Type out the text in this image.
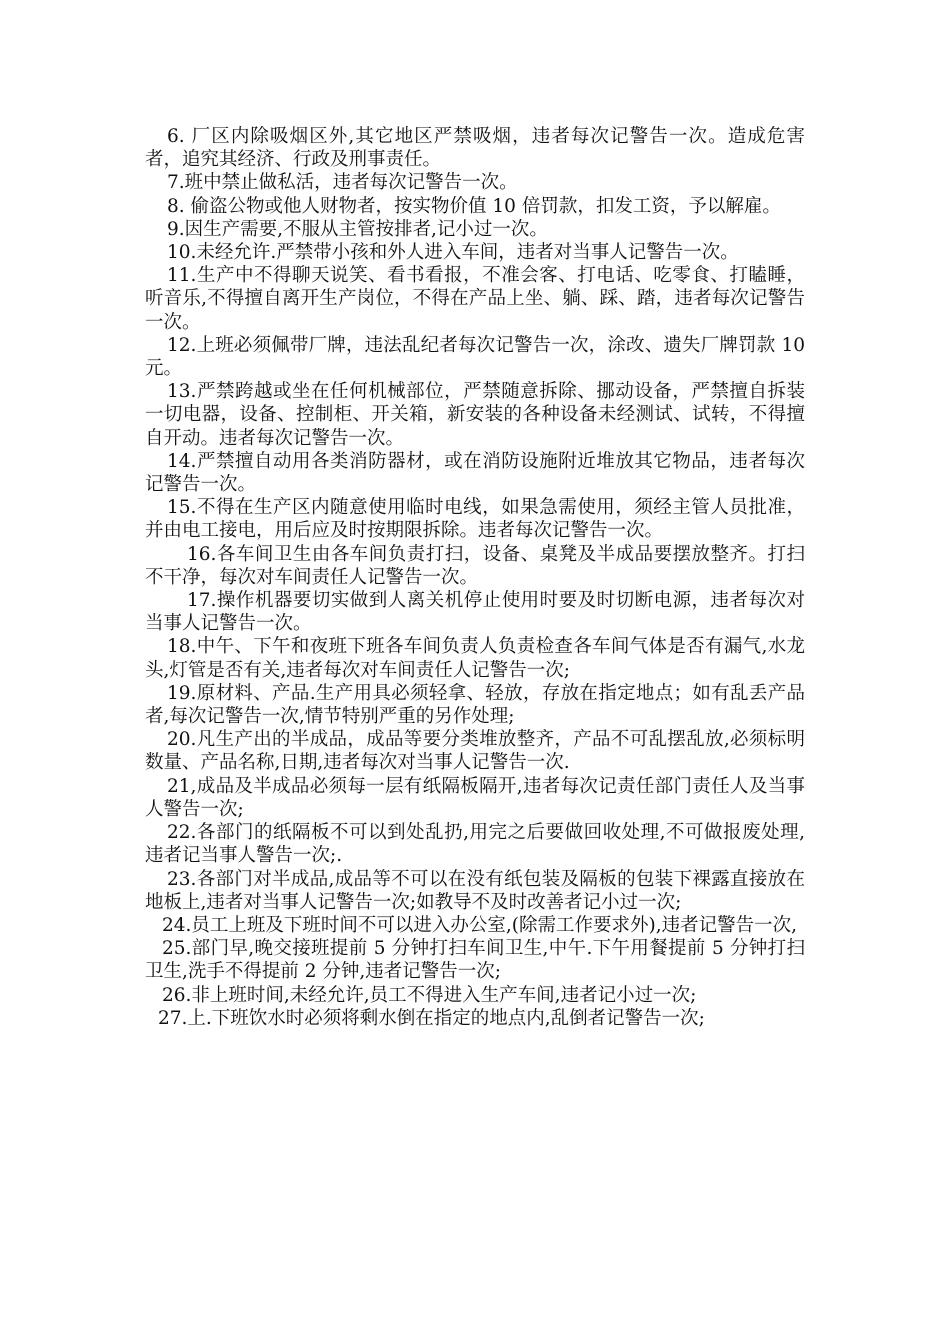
6. 厂区内除吸烟区外,其它地区严禁吸烟，违者每次记警告一次。造成危害者，追究其经济、行政及刑事责任。

7.班中禁止做私活，违者每次记警告一次。

8. 偷盗公物或他人财物者，按实物价值 10 倍罚款，扣发工资，予以解雇。

9.因生产需要,不服从主管按排者,记小过一次。

10.未经允许.严禁带小孩和外人进入车间，违者对当事人记警告一次。

11.生产中不得聊天说笑、看书看报，不准会客、打电话、吃零食、打瞌睡，听音乐,不得擅自离开生产岗位，不得在产品上坐、躺、踩、踏，违者每次记警告一次。

12.上班必须佩带厂牌，违法乱纪者每次记警告一次，涂改、遗失厂牌罚款 10 元。

13.严禁跨越或坐在任何机械部位，严禁随意拆除、挪动设备，严禁擅自拆装一切电器，设备、控制柜、开关箱，新安装的各种设备未经测试、试转，不得擅自开动。违者每次记警告一次。

14.严禁擅自动用各类消防器材，或在消防设施附近堆放其它物品，违者每次记警告一次。

15.不得在生产区内随意使用临时电线，如果急需使用，须经主管人员批准，并由电工接电，用后应及时按期限拆除。违者每次记警告一次。

16.各车间卫生由各车间负责打扫，设备、桌凳及半成品要摆放整齐。打扫不干净，每次对车间责任人记警告一次。

17.操作机器要切实做到人离关机停止使用时要及时切断电源，违者每次对当事人记警告一次。

18.中午、下午和夜班下班各车间负责人负责检查各车间气体是否有漏气,水龙头,灯管是否有关,违者每次对车间责任人记警告一次;

19.原材料、产品.生产用具必须轻拿、轻放，存放在指定地点；如有乱丢产品者,每次记警告一次,情节特别严重的另作处理;

20.凡生产出的半成品，成品等要分类堆放整齐，产品不可乱摆乱放,必须标明数量、产品名称,日期,违者每次对当事人记警告一次.

21,成品及半成品必须每一层有纸隔板隔开,违者每次记责任部门责任人及当事人警告一次;

22.各部门的纸隔板不可以到处乱扔,用完之后要做回收处理,不可做报废处理,违者记当事人警告一次;.

23.各部门对半成品,成品等不可以在没有纸包装及隔板的包装下裸露直接放在地板上,违者对当事人记警告一次;如教导不及时改善者记小过一次;

24.员工上班及下班时间不可以进入办公室,(除需工作要求外),违者记警告一次,

25.部门早,晚交接班提前 5 分钟打扫车间卫生,中午.下午用餐提前 5 分钟打扫卫生,洗手不得提前 2 分钟,违者记警告一次;

26.非上班时间,未经允许,员工不得进入生产车间,违者记小过一次;

27.上.下班饮水时必须将剩水倒在指定的地点内,乱倒者记警告一次;
